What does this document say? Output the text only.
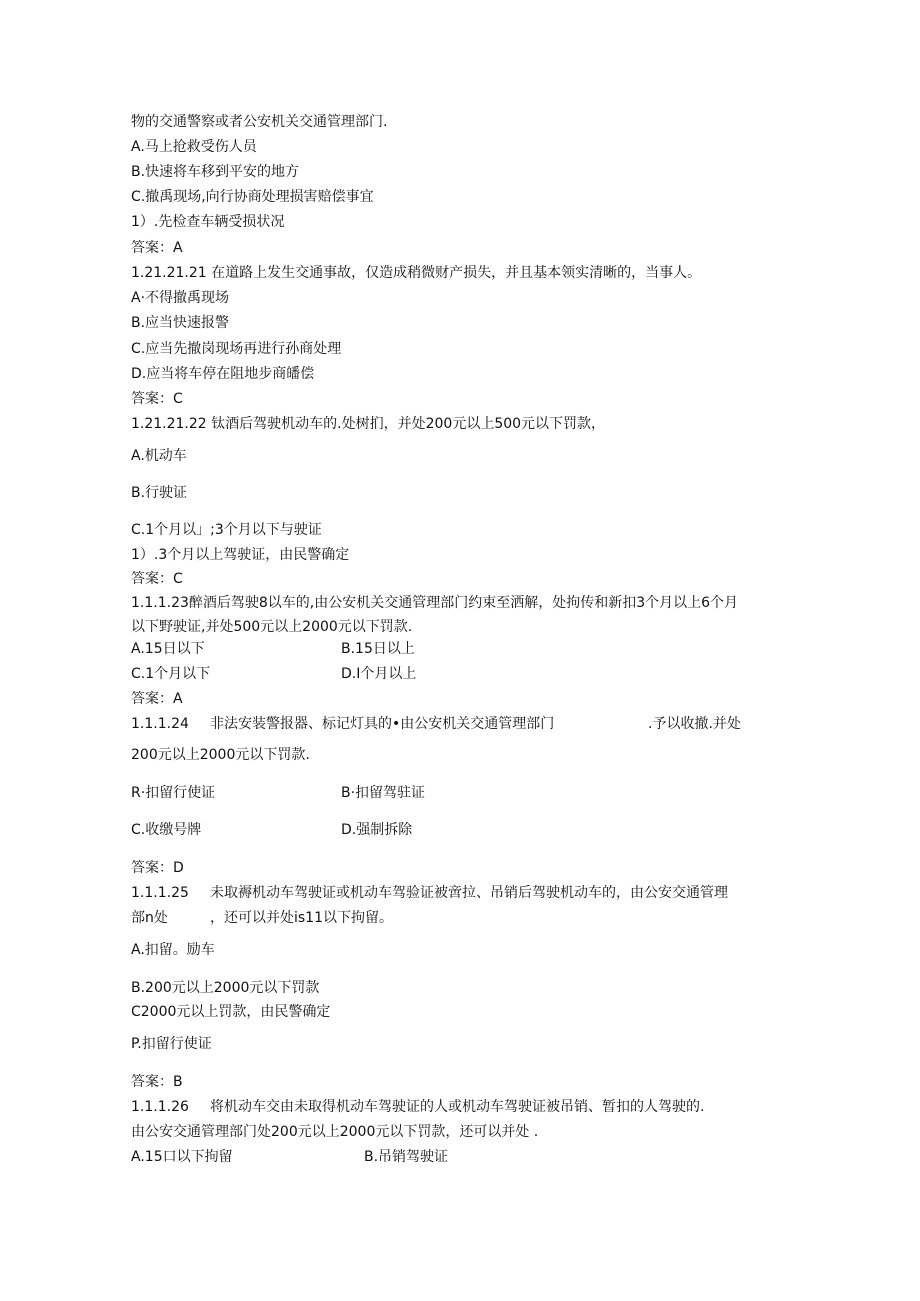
物的交通警察或者公安机关交通管理部门.

A.马上抢救受伤人员

B.快速将车移到平安的地方

C.撤禹现场,向行协商处理损害赔偿事宜

1）.先检查车辆受损状况

答案：A

1.21.21.21 在道路上发生交通事故，仅造成稍微财产损失，并且基本领实清晰的，当事人。

A·不得撤禹现场

B.应当快速报警

C.应当先撤岗现场再进行孙商处理

D.应当将车停在阻地步商皤偿

答案：C

1.21.21.22 钛酒后驾驶机动车的.处树扪，并处200元以上500元以下罚款，

A.机动车

B.行驶证

C.1个月以」;3个月以下与驶证

1）.3个月以上驾驶证，由民警确定

答案：C

1.1.1.23醉酒后驾驶8以车的,由公安机关交通管理部门约束至洒解，处拘传和新扣3个月以上6个月

以下野驶证,并处500元以上2000元以下罚款.

A.15日以下	B.15日以上

C.1个月以下	D.I个月以上

答案：A

1.1.1.24 非法安装警报器、标记灯具的•由公安机关交通管理部门	.予以收撤.并处

200元以上2000元以下罚款.

R·扣留行使证	B·扣留驾驻证

C.收缴号牌	D.强制拆除

答案：D

1.1.1.25 未取褥机动车驾驶证或机动车驾验证被啻拉、吊销后驾驶机动车的，由公安交通管理

部n处	，还可以并处is11以下拘留。

A.扣留。励车

B.200元以上2000元以下罚款

C2000元以上罚款，由民警确定

P.扣留行使证

答案：B

1.1.1.26 将机动车交由未取得机动车驾驶证的人或机动车驾驶证被吊销、暂扣的人驾驶的.

由公安交通管理部门处200元以上2000元以下罚款，还可以并处 .

A.15口以下拘留	B.吊销驾驶证
